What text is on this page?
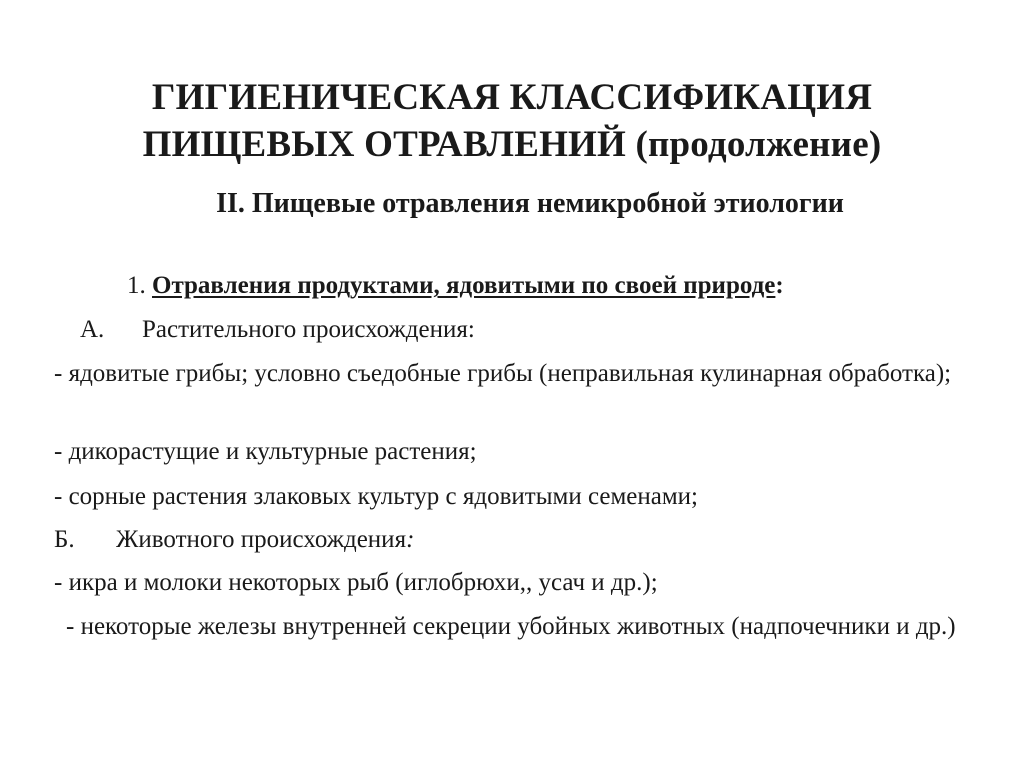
ГИГИЕНИЧЕСКАЯ КЛАССИФИКАЦИЯ
ПИЩЕВЫХ ОТРАВЛЕНИЙ (продолжение)
II. Пищевые отравления немикробной этиологии
1. Отравления продуктами, ядовитыми по своей природе:
А. Растительного происхождения:
- ядовитые грибы; условно съедобные грибы (неправильная кулинарная обработка);
- дикорастущие и культурные растения;
- сорные растения злаковых культур с ядовитыми семенами;
Б. Животного происхождения:
- икра и молоки некоторых рыб (иглобрюхи,, усач и др.);
- некоторые железы внутренней секреции убойных животных (надпочечники и др.)
